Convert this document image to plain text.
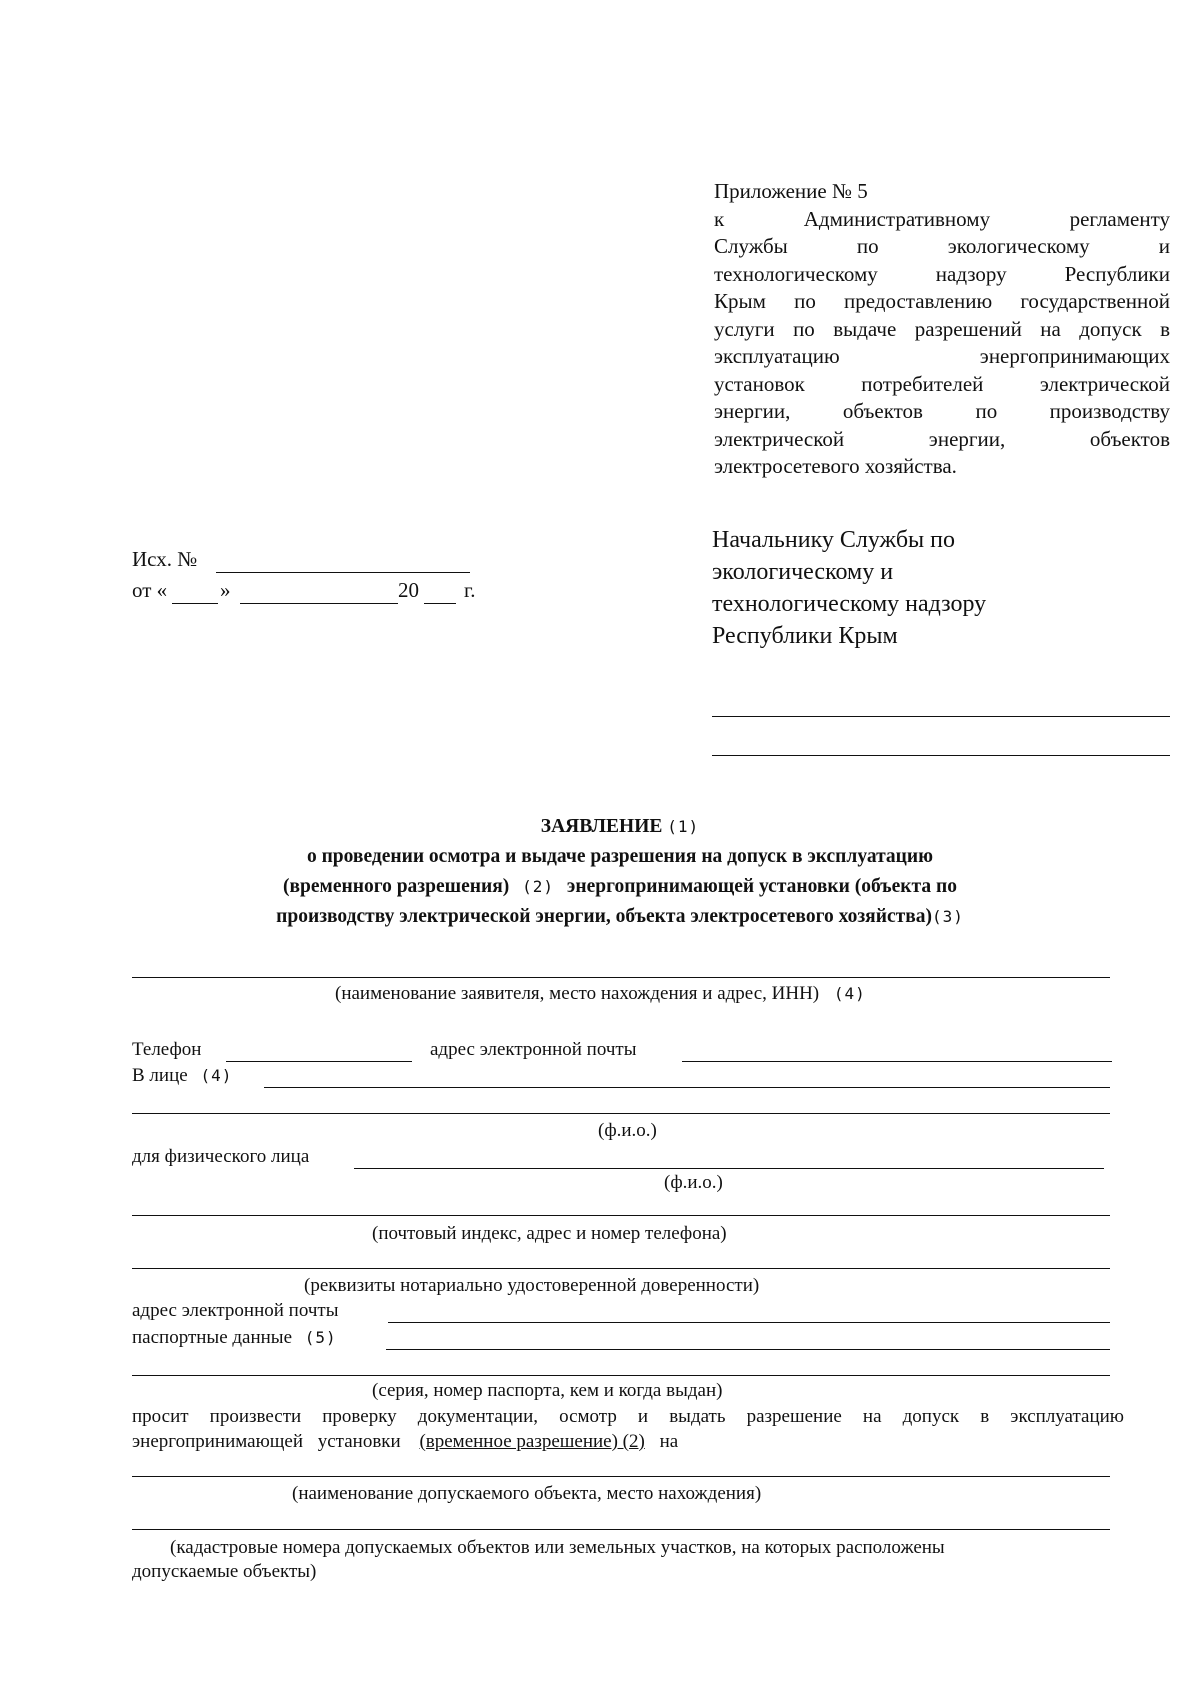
Приложение № 5
к Административному регламенту
Службы по экологическому и
технологическому надзору Республики
Крым по предоставлению государственной
услуги по выдаче разрешений на допуск в
эксплуатацию энергопринимающих
установок потребителей электрической
энергии, объектов по производству
электрической энергии, объектов
электросетевого хозяйства.
Начальнику Службы по
экологическому и
технологическому надзору
Республики Крым
Исх. №
от «	»	20 г.
ЗАЯВЛЕНИЕ (1)
о проведении осмотра и выдаче разрешения на допуск в эксплуатацию
(временного разрешения) (2) энергопринимающей установки (объекта по
производству электрической энергии, объекта электросетевого хозяйства)(3)
(наименование заявителя, место нахождения и адрес, ИНН) (4)
Телефон	адрес электронной почты
В лице (4)
(ф.и.о.)
для физического лица
(ф.и.о.)
(почтовый индекс, адрес и номер телефона)
(реквизиты нотариально удостоверенной доверенности)
адрес электронной почты
паспортные данные (5)
(серия, номер паспорта, кем и когда выдан)
просит произвести проверку документации, осмотр и выдать разрешение на допуск в эксплуатацию
энергопринимающей установки (временное разрешение) (2) на
(наименование допускаемого объекта, место нахождения)
(кадастровые номера допускаемых объектов или земельных участков, на которых расположены
допускаемые объекты)
